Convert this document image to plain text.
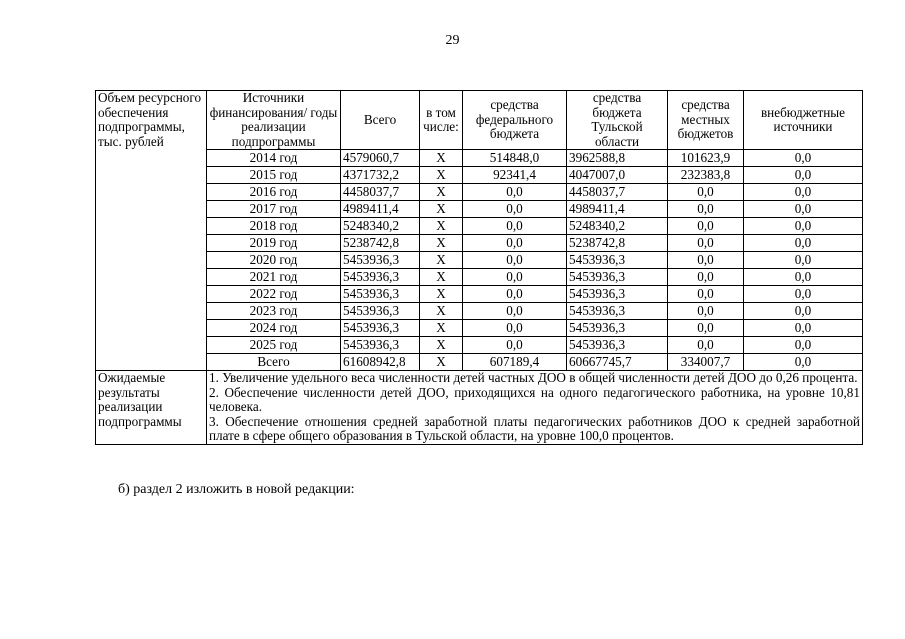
29
Объем ресурсного обеспечения подпрограммы, тыс. рублей	Источники финансирования/ годы реализации подпрограммы	Всего	в том числе:	средства федерального бюджета	средства бюджета Тульской области	средства местных бюджетов	внебюджетные источники
	2014 год	4579060,7	X	514848,0	3962588,8	101623,9	0,0
	2015 год	4371732,2	X	92341,4	4047007,0	232383,8	0,0
	2016 год	4458037,7	X	0,0	4458037,7	0,0	0,0
	2017 год	4989411,4	X	0,0	4989411,4	0,0	0,0
	2018 год	5248340,2	X	0,0	5248340,2	0,0	0,0
	2019 год	5238742,8	X	0,0	5238742,8	0,0	0,0
	2020 год	5453936,3	X	0,0	5453936,3	0,0	0,0
	2021 год	5453936,3	X	0,0	5453936,3	0,0	0,0
	2022 год	5453936,3	X	0,0	5453936,3	0,0	0,0
	2023 год	5453936,3	X	0,0	5453936,3	0,0	0,0
	2024 год	5453936,3	X	0,0	5453936,3	0,0	0,0
	2025 год	5453936,3	X	0,0	5453936,3	0,0	0,0
	Всего	61608942,8	X	607189,4	60667745,7	334007,7	0,0
Ожидаемые результаты реализации подпрограммы	1. Увеличение удельного веса численности детей частных ДОО в общей численности детей ДОО до 0,26 процента.

2. Обеспечение численности детей ДОО, приходящихся на одного педагогического работника, на уровне 10,81 человека.

3. Обеспечение отношения средней заработной платы педагогических работников ДОО к средней заработной плате в сфере общего образования в Тульской области, на уровне 100,0 процентов.						

б) раздел 2 изложить в новой редакции:
